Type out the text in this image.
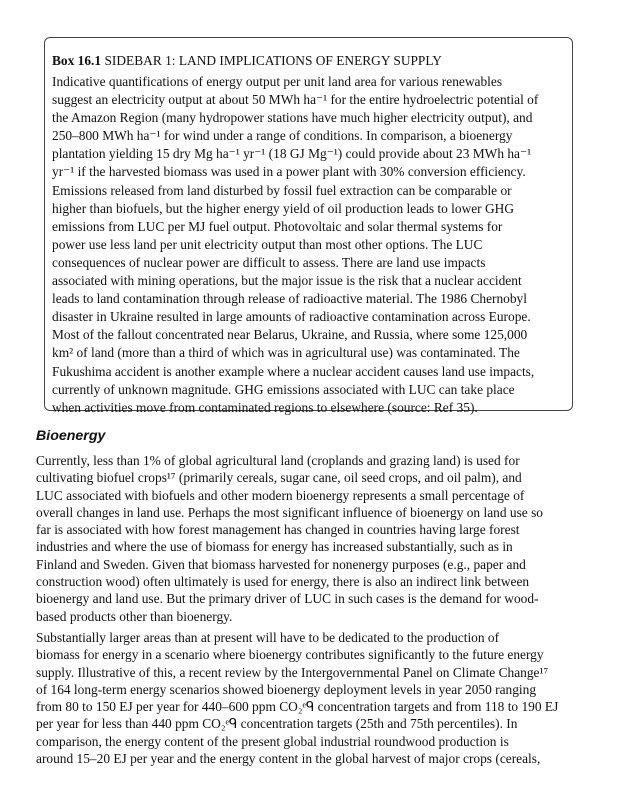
Box 16.1 SIDEBAR 1: LAND IMPLICATIONS OF ENERGY SUPPLY

Indicative quantifications of energy output per unit land area for various renewables

suggest an electricity output at about 50 MWh ha⁻¹ for the entire hydroelectric potential of

the Amazon Region (many hydropower stations have much higher electricity output), and

250–800 MWh ha⁻¹ for wind under a range of conditions. In comparison, a bioenergy

plantation yielding 15 dry Mg ha⁻¹ yr⁻¹ (18 GJ Mg⁻¹) could provide about 23 MWh ha⁻¹

yr⁻¹ if the harvested biomass was used in a power plant with 30% conversion efficiency.

Emissions released from land disturbed by fossil fuel extraction can be comparable or

higher than biofuels, but the higher energy yield of oil production leads to lower GHG

emissions from LUC per MJ fuel output. Photovoltaic and solar thermal systems for

power use less land per unit electricity output than most other options. The LUC

consequences of nuclear power are difficult to assess. There are land use impacts

associated with mining operations, but the major issue is the risk that a nuclear accident

leads to land contamination through release of radioactive material. The 1986 Chernobyl

disaster in Ukraine resulted in large amounts of radioactive contamination across Europe.

Most of the fallout concentrated near Belarus, Ukraine, and Russia, where some 125,000

km² of land (more than a third of which was in agricultural use) was contaminated. The

Fukushima accident is another example where a nuclear accident causes land use impacts,

currently of unknown magnitude. GHG emissions associated with LUC can take place

when activities move from contaminated regions to elsewhere (source: Ref 35).

Bioenergy

Currently, less than 1% of global agricultural land (croplands and grazing land) is used for

cultivating biofuel crops¹⁷ (primarily cereals, sugar cane, oil seed crops, and oil palm), and

LUC associated with biofuels and other modern bioenergy represents a small percentage of

overall changes in land use. Perhaps the most significant influence of bioenergy on land use so

far is associated with how forest management has changed in countries having large forest

industries and where the use of biomass for energy has increased substantially, such as in

Finland and Sweden. Given that biomass harvested for nonenergy purposes (e.g., paper and

construction wood) often ultimately is used for energy, there is also an indirect link between

bioenergy and land use. But the primary driver of LUC in such cases is the demand for wood-

based products other than bioenergy.

Substantially larger areas than at present will have to be dedicated to the production of

biomass for energy in a scenario where bioenergy contributes significantly to the future energy

supply. Illustrative of this, a recent review by the Intergovernmental Panel on Climate Change¹⁷

of 164 long-term energy scenarios showed bioenergy deployment levels in year 2050 ranging

from 80 to 150 EJ per year for 440–600 ppm CO₂ᵉᑫ concentration targets and from 118 to 190 EJ

per year for less than 440 ppm CO₂ᵉᑫ concentration targets (25th and 75th percentiles). In

comparison, the energy content of the present global industrial roundwood production is

around 15–20 EJ per year and the energy content in the global harvest of major crops (cereals,
